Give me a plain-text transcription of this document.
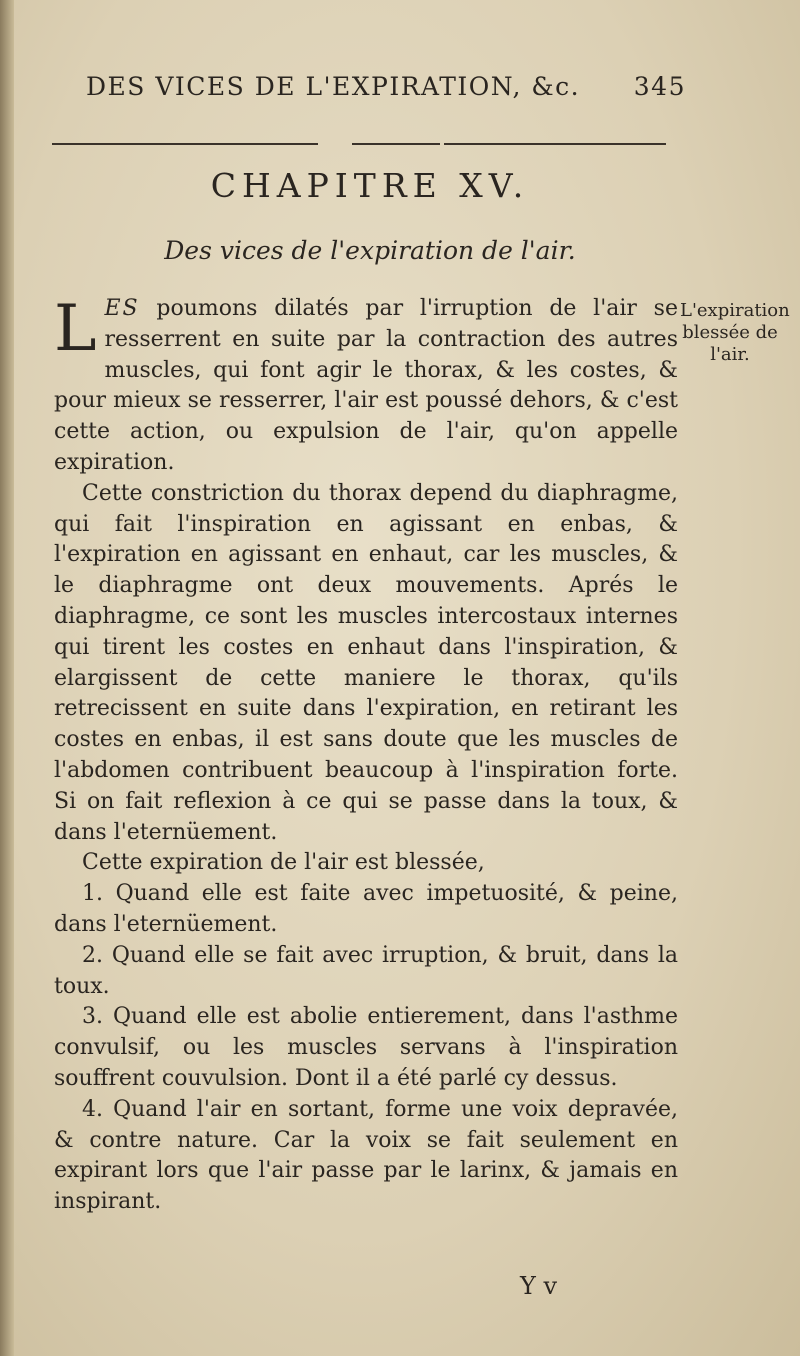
DES VICES DE L'EXPIRATION, &c. 345
CHAPITRE XV.
Des vices de l'expiration de l'air.
L'expiration blessée de l'air.

LES poumons dilatés par l'irruption de l'air se resserrent en suite par la contraction des autres muscles, qui font agir le thorax, & les costes, & pour mieux se resserrer, l'air est poussé dehors, & c'est cette action, ou expulsion de l'air, qu'on appelle expiration.

Cette constriction du thorax depend du diaphragme, qui fait l'inspiration en agissant en enbas, & l'expiration en agissant en enhaut, car les muscles, & le diaphragme ont deux mouvements. Aprés le diaphragme, ce sont les muscles intercostaux internes qui tirent les costes en enhaut dans l'inspiration, & elargissent de cette maniere le thorax, qu'ils retrecissent en suite dans l'expiration, en retirant les costes en enbas, il est sans doute que les muscles de l'abdomen contribuent beaucoup à l'inspiration forte. Si on fait reflexion à ce qui se passe dans la toux, & dans l'eternüement.

Cette expiration de l'air est blessée,

1. Quand elle est faite avec impetuosité, & peine, dans l'eternüement.

2. Quand elle se fait avec irruption, & bruit, dans la toux.

3. Quand elle est abolie entierement, dans l'asthme convulsif, ou les muscles servans à l'inspiration souffrent couvulsion. Dont il a été parlé cy dessus.

4. Quand l'air en sortant, forme une voix depravée, & contre nature. Car la voix se fait seulement en expirant lors que l'air passe par le larinx, & jamais en inspirant.

Y v
